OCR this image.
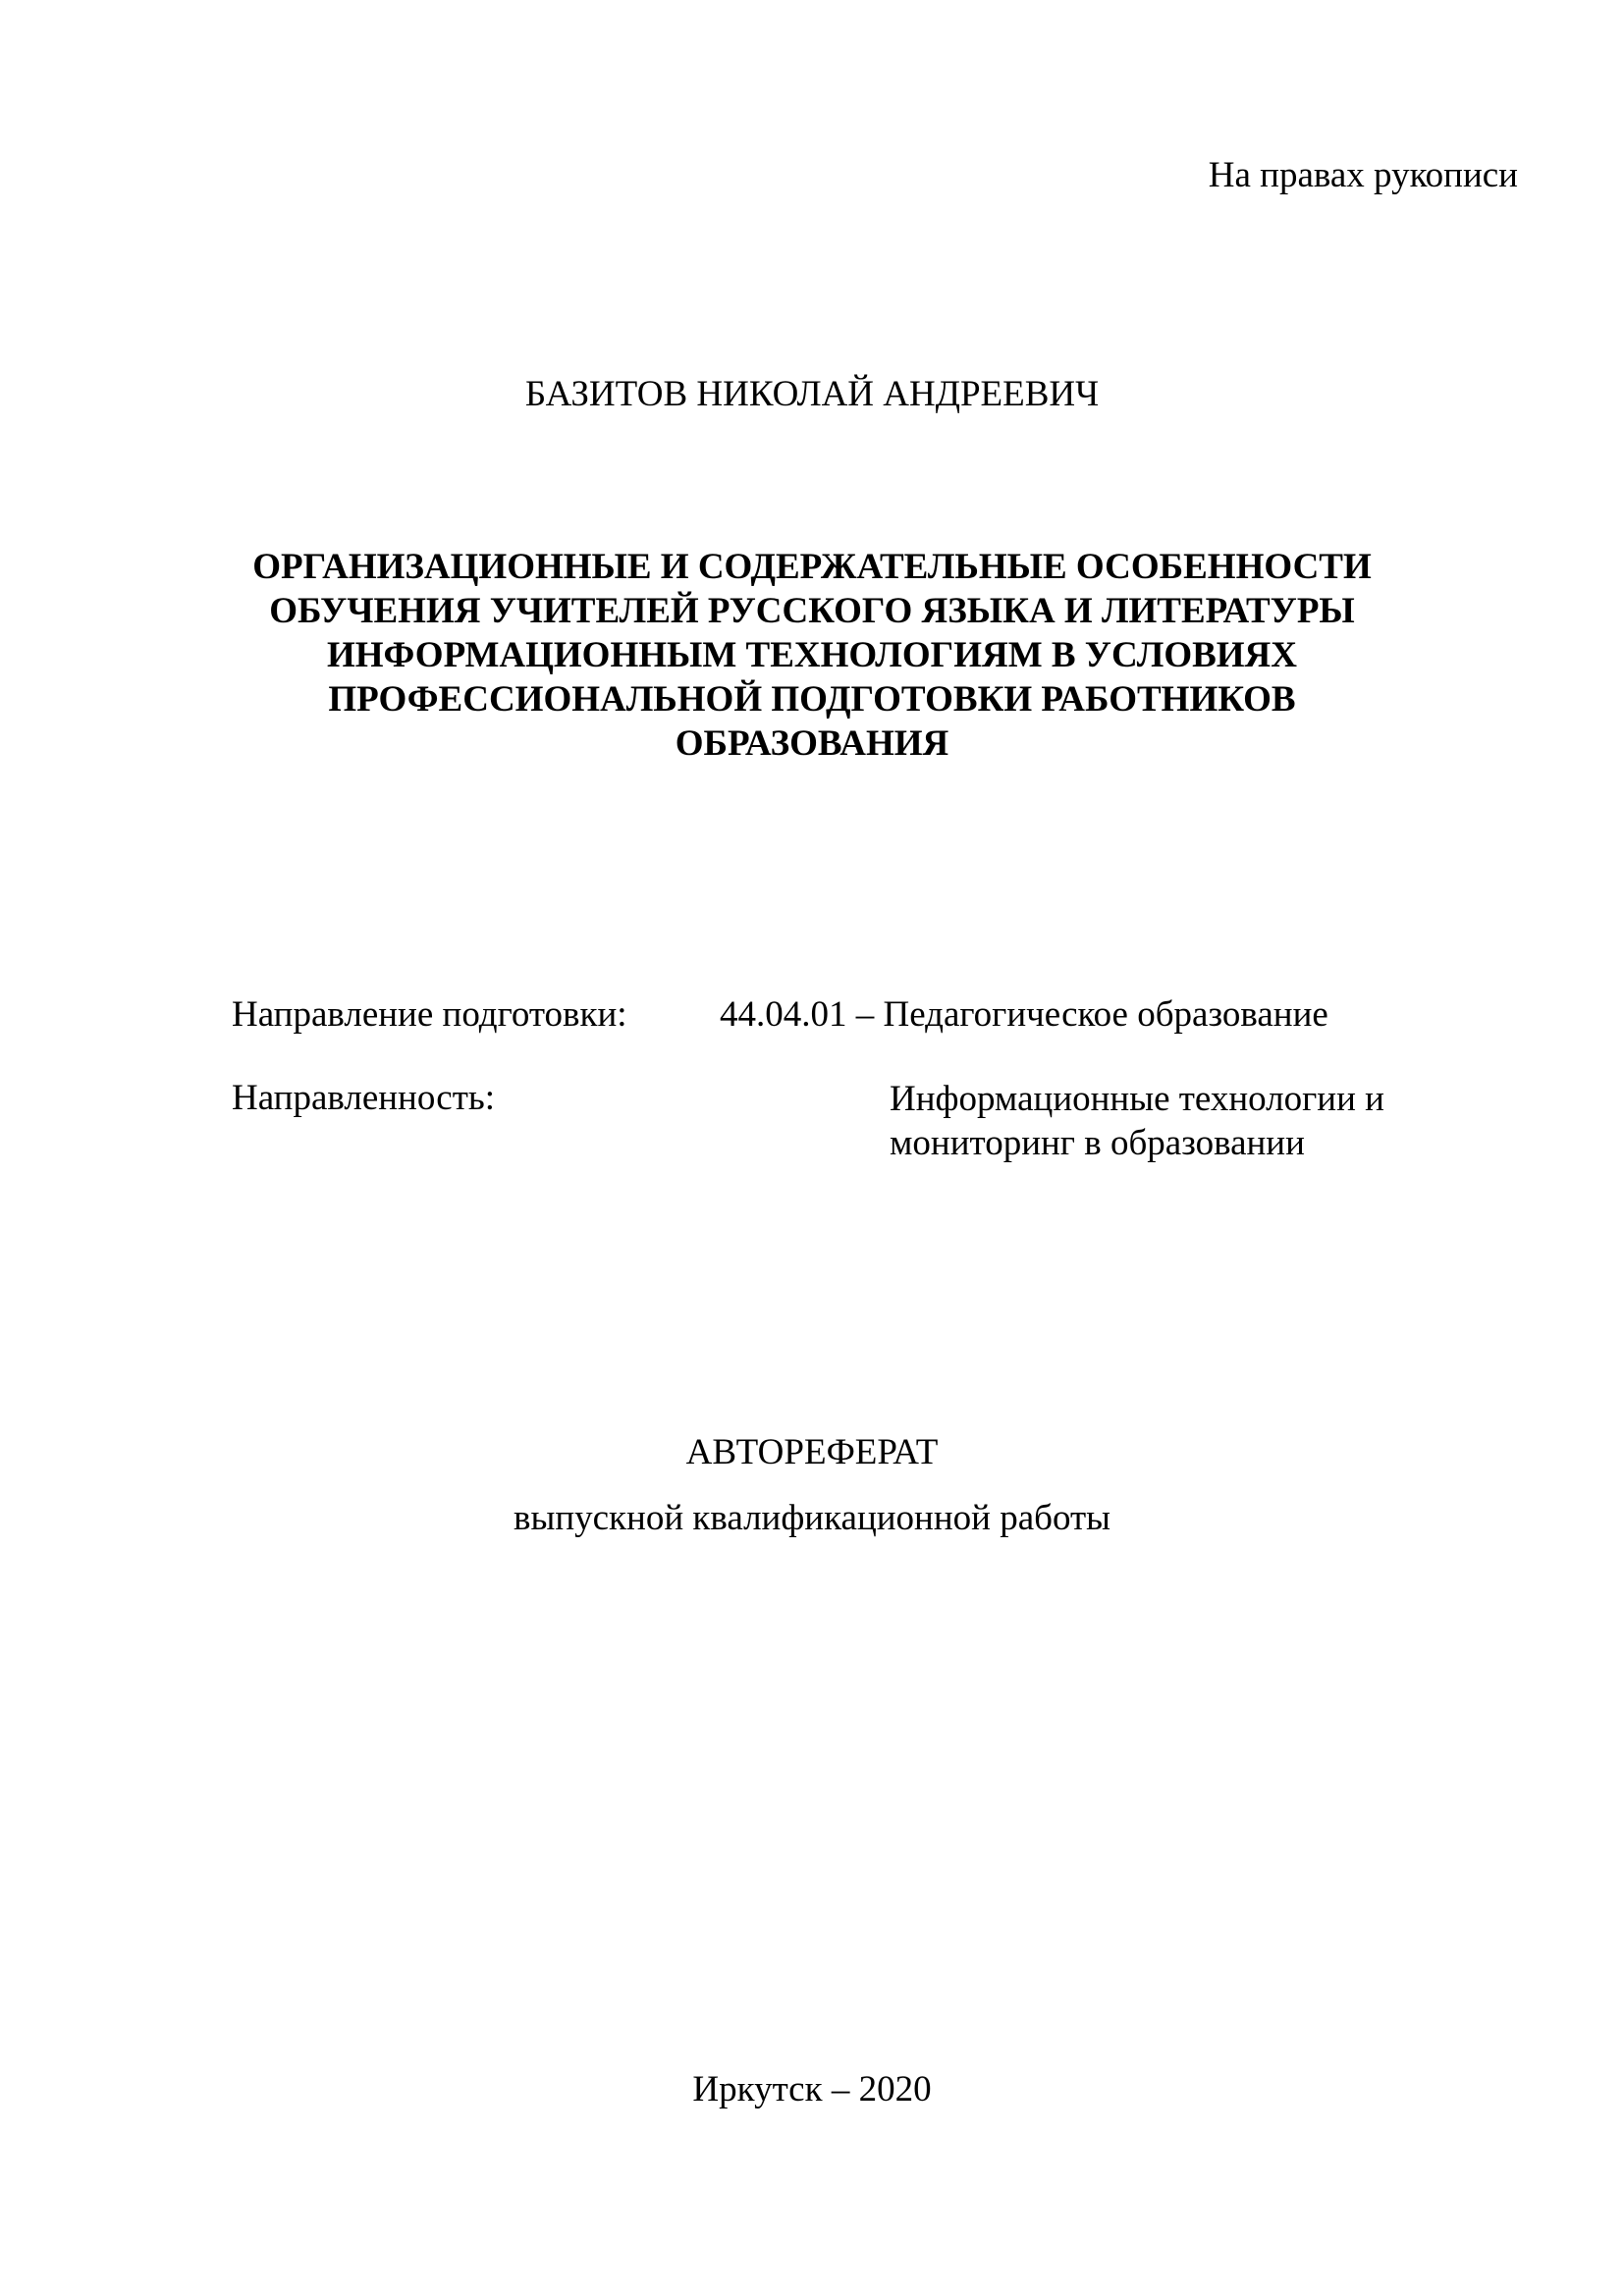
На правах рукописи
БАЗИТОВ НИКОЛАЙ АНДРЕЕВИЧ
ОРГАНИЗАЦИОННЫЕ И СОДЕРЖАТЕЛЬНЫЕ ОСОБЕННОСТИ
ОБУЧЕНИЯ УЧИТЕЛЕЙ РУССКОГО ЯЗЫКА И ЛИТЕРАТУРЫ
ИНФОРМАЦИОННЫМ ТЕХНОЛОГИЯМ В УСЛОВИЯХ
ПРОФЕССИОНАЛЬНОЙ ПОДГОТОВКИ РАБОТНИКОВ
ОБРАЗОВАНИЯ
Направление подготовки:	44.04.01 – Педагогическое образование
Направленность:	Информационные технологии и
мониторинг в образовании
АВТОРЕФЕРАТ
выпускной квалификационной работы
Иркутск – 2020
